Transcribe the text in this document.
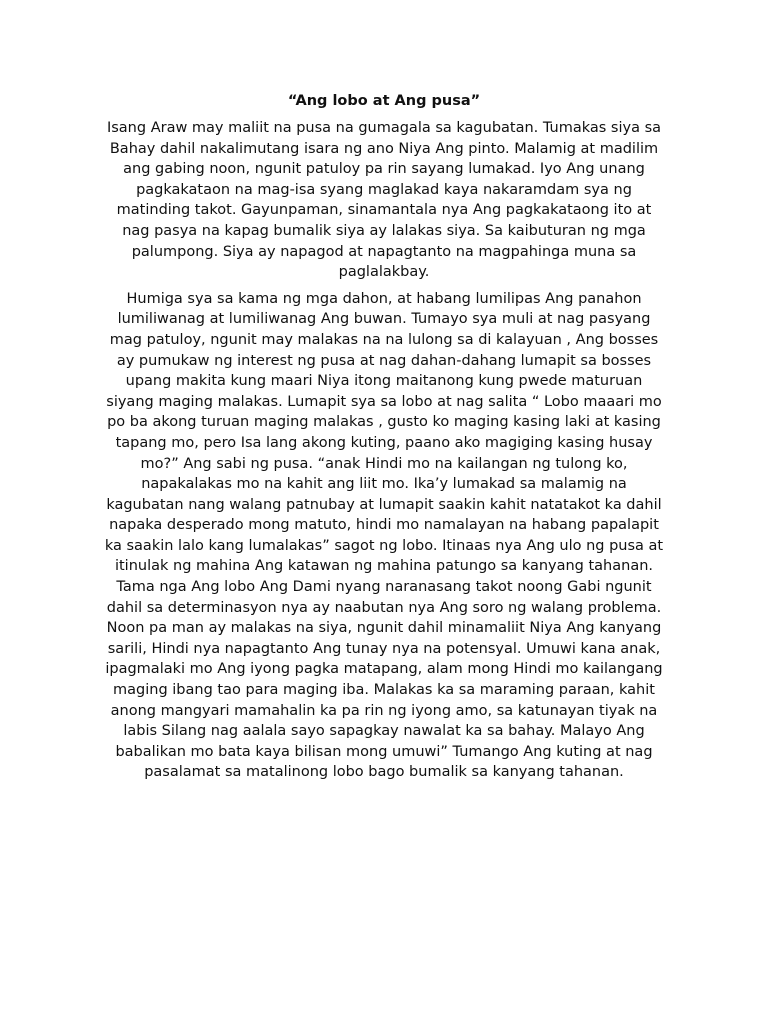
“Ang lobo at Ang pusa”
Isang Araw may maliit na pusa na gumagala sa kagubatan. Tumakas siya sa
Bahay dahil nakalimutang isara ng ano Niya Ang pinto. Malamig at madilim
ang gabing noon, ngunit patuloy pa rin sayang lumakad. Iyo Ang unang
pagkakataon na mag-isa syang maglakad kaya nakaramdam sya ng
matinding takot. Gayunpaman, sinamantala nya Ang pagkakataong ito at
nag pasya na kapag bumalik siya ay lalakas siya. Sa kaibuturan ng mga
palumpong. Siya ay napagod at napagtanto na magpahinga muna sa
paglalakbay.
Humiga sya sa kama ng mga dahon, at habang lumilipas Ang panahon
lumiliwanag at lumiliwanag Ang buwan. Tumayo sya muli at nag pasyang
mag patuloy, ngunit may malakas na na lulong sa di kalayuan , Ang bosses
ay pumukaw ng interest ng pusa at nag dahan-dahang lumapit sa bosses
upang makita kung maari Niya itong maitanong kung pwede maturuan
siyang maging malakas. Lumapit sya sa lobo at nag salita “ Lobo maaari mo
po ba akong turuan maging malakas , gusto ko maging kasing laki at kasing
tapang mo, pero Isa lang akong kuting, paano ako magiging kasing husay
mo?” Ang sabi ng pusa. “anak Hindi mo na kailangan ng tulong ko,
napakalakas mo na kahit ang liit mo. Ika’y lumakad sa malamig na
kagubatan nang walang patnubay at lumapit saakin kahit natatakot ka dahil
napaka desperado mong matuto, hindi mo namalayan na habang papalapit
ka saakin lalo kang lumalakas” sagot ng lobo. Itinaas nya Ang ulo ng pusa at
itinulak ng mahina Ang katawan ng mahina patungo sa kanyang tahanan.
Tama nga Ang lobo Ang Dami nyang naranasang takot noong Gabi ngunit
dahil sa determinasyon nya ay naabutan nya Ang soro ng walang problema.
Noon pa man ay malakas na siya, ngunit dahil minamaliit Niya Ang kanyang
sarili, Hindi nya napagtanto Ang tunay nya na potensyal. Umuwi kana anak,
ipagmalaki mo Ang iyong pagka matapang, alam mong Hindi mo kailangang
maging ibang tao para maging iba. Malakas ka sa maraming paraan, kahit
anong mangyari mamahalin ka pa rin ng iyong amo, sa katunayan tiyak na
labis Silang nag aalala sayo sapagkay nawalat ka sa bahay. Malayo Ang
babalikan mo bata kaya bilisan mong umuwi” Tumango Ang kuting at nag
pasalamat sa matalinong lobo bago bumalik sa kanyang tahanan.
